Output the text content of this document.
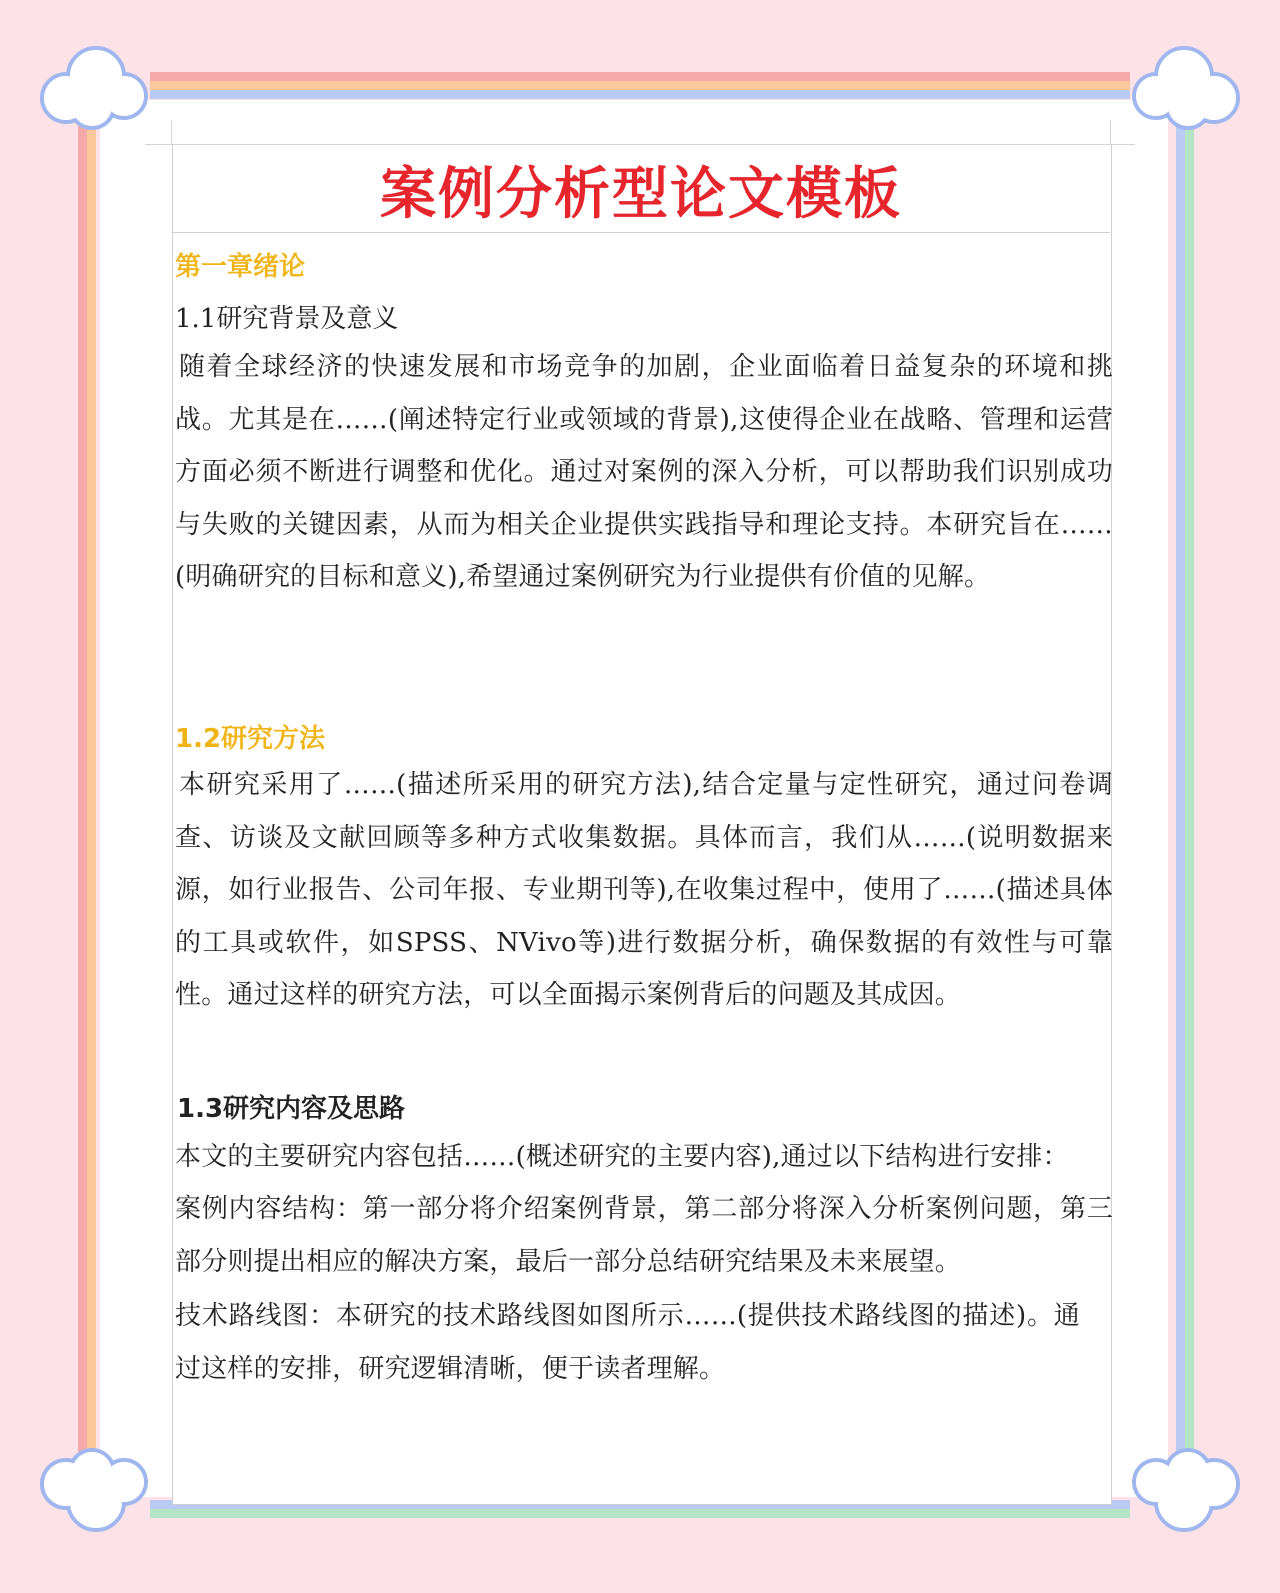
案例分析型论文模板
第一章绪论
1.1研究背景及意义
随着全球经济的快速发展和市场竞争的加剧，企业面临着日益复杂的环境和挑战。尤其是在……(阐述特定行业或领域的背景),这使得企业在战略、管理和运营方面必须不断进行调整和优化。通过对案例的深入分析，可以帮助我们识别成功与失败的关键因素，从而为相关企业提供实践指导和理论支持。本研究旨在……(明确研究的目标和意义),希望通过案例研究为行业提供有价值的见解。
1.2研究方法
本研究采用了……(描述所采用的研究方法),结合定量与定性研究，通过问卷调查、访谈及文献回顾等多种方式收集数据。具体而言，我们从……(说明数据来源，如行业报告、公司年报、专业期刊等),在收集过程中，使用了……(描述具体的工具或软件，如SPSS、NVivo等)进行数据分析，确保数据的有效性与可靠性。通过这样的研究方法，可以全面揭示案例背后的问题及其成因。
1.3研究内容及思路
本文的主要研究内容包括……(概述研究的主要内容),通过以下结构进行安排：
案例内容结构：第一部分将介绍案例背景，第二部分将深入分析案例问题，第三部分则提出相应的解决方案，最后一部分总结研究结果及未来展望。
技术路线图：本研究的技术路线图如图所示……(提供技术路线图的描述)。通过这样的安排，研究逻辑清晰，便于读者理解。
